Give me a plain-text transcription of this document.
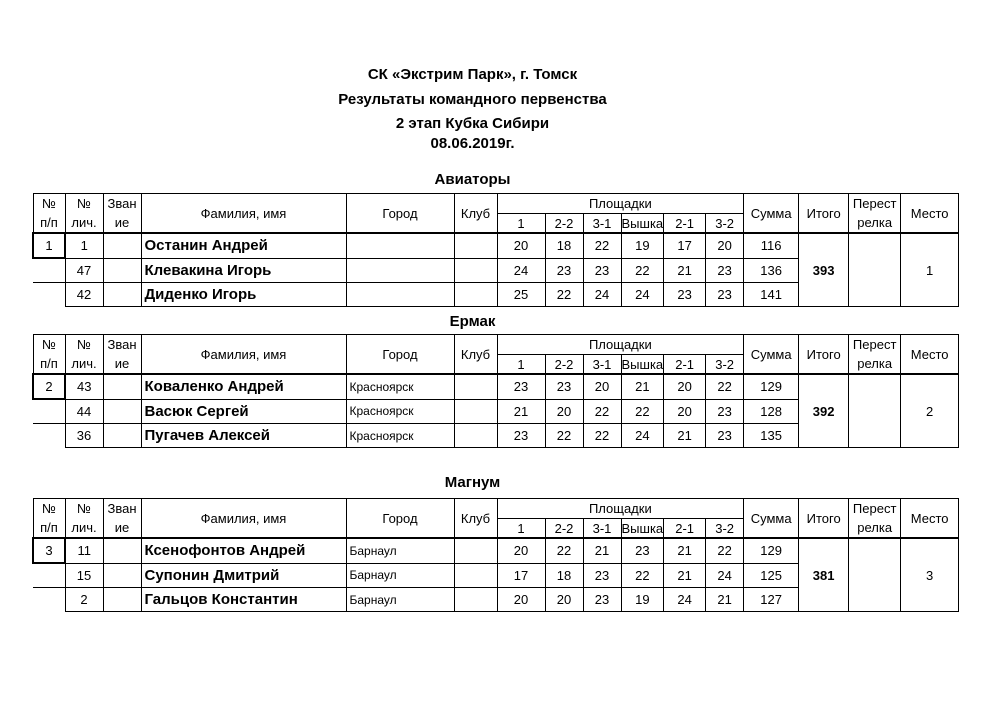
СК «Экстрим Парк», г. Томск
Результаты командного первенства
2 этап Кубка Сибири
08.06.2019г.
Авиаторы
№	№	Зван	Фамилия, имя	Город	Клуб	Площадки						Сумма	Итого	Перест	Место
п/п	лич.	ие				1	2-2	3-1	Вышка	2-1	3-2			релка	
1	1		Останин Андрей			20	18	22	19	17	20	116	393		1
	47		Клевакина Игорь			24	23	23	22	21	23	136			
	42		Диденко Игорь			25	22	24	24	23	23	141			
Ермак
№	№	Зван	Фамилия, имя	Город	Клуб	Площадки						Сумма	Итого	Перест	Место
п/п	лич.	ие				1	2-2	3-1	Вышка	2-1	3-2			релка	
2	43		Коваленко Андрей	Красноярск		23	23	20	21	20	22	129	392		2
	44		Васюк Сергей	Красноярск		21	20	22	22	20	23	128			
	36		Пугачев Алексей	Красноярск		23	22	22	24	21	23	135			
Магнум
№	№	Зван	Фамилия, имя	Город	Клуб	Площадки						Сумма	Итого	Перест	Место
п/п	лич.	ие				1	2-2	3-1	Вышка	2-1	3-2			релка	
3	11		Ксенофонтов Андрей	Барнаул		20	22	21	23	21	22	129	381		3
	15		Супонин Дмитрий	Барнаул		17	18	23	22	21	24	125			
	2		Гальцов Константин	Барнаул		20	20	23	19	24	21	127			
